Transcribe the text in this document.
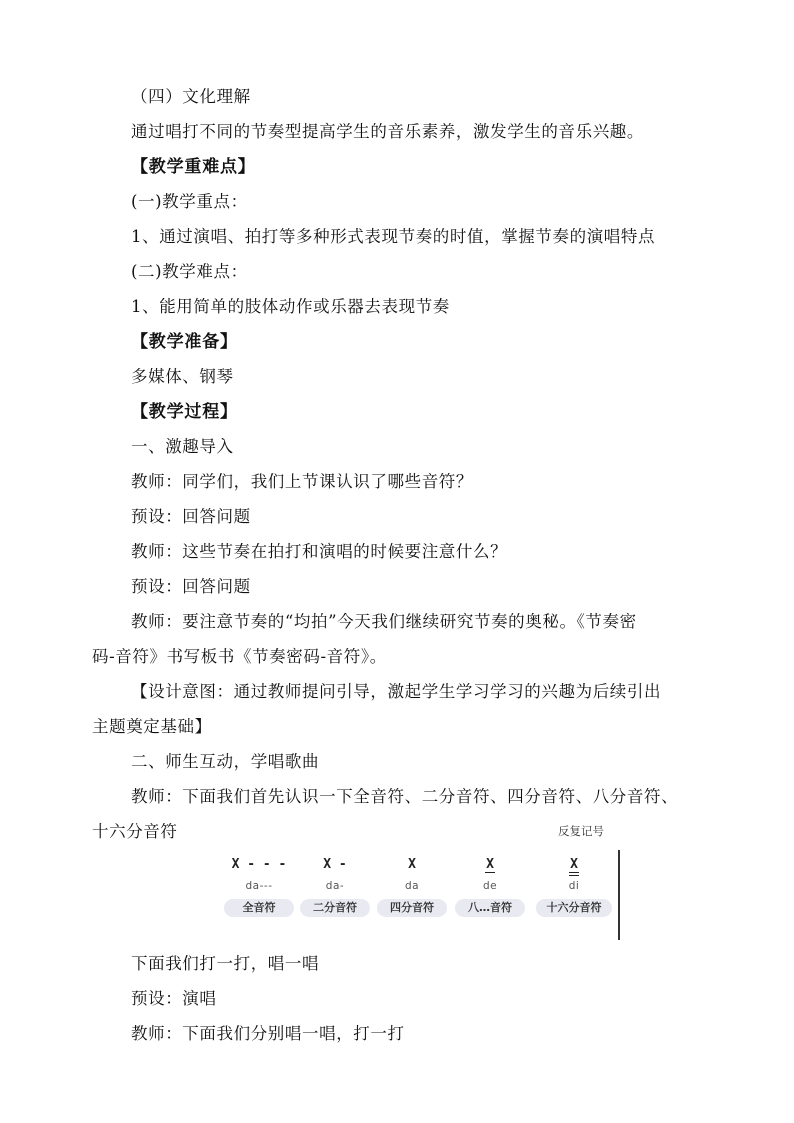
（四）文化理解
通过唱打不同的节奏型提高学生的音乐素养，激发学生的音乐兴趣。
【教学重难点】
(一)教学重点：
1、通过演唱、拍打等多种形式表现节奏的时值，掌握节奏的演唱特点
(二)教学难点：
1、能用简单的肢体动作或乐器去表现节奏
【教学准备】
多媒体、钢琴
【教学过程】
一、激趣导入
教师：同学们，我们上节课认识了哪些音符？
预设：回答问题
教师：这些节奏在拍打和演唱的时候要注意什么？
预设：回答问题
教师：要注意节奏的“均拍”今天我们继续研究节奏的奥秘。《节奏密
码-音符》书写板书《节奏密码-音符》。
【设计意图：通过教师提问引导，激起学生学习学习的兴趣为后续引出
主题奠定基础】
二、师生互动，学唱歌曲
教师：下面我们首先认识一下全音符、二分音符、四分音符、八分音符、
十六分音符	反复记号
X - - -
da---
全音符
X -
da-
二分音符
X
da
四分音符
X
de
八…音符
X
di
十六分音符
下面我们打一打，唱一唱
预设：演唱
教师：下面我们分别唱一唱，打一打
